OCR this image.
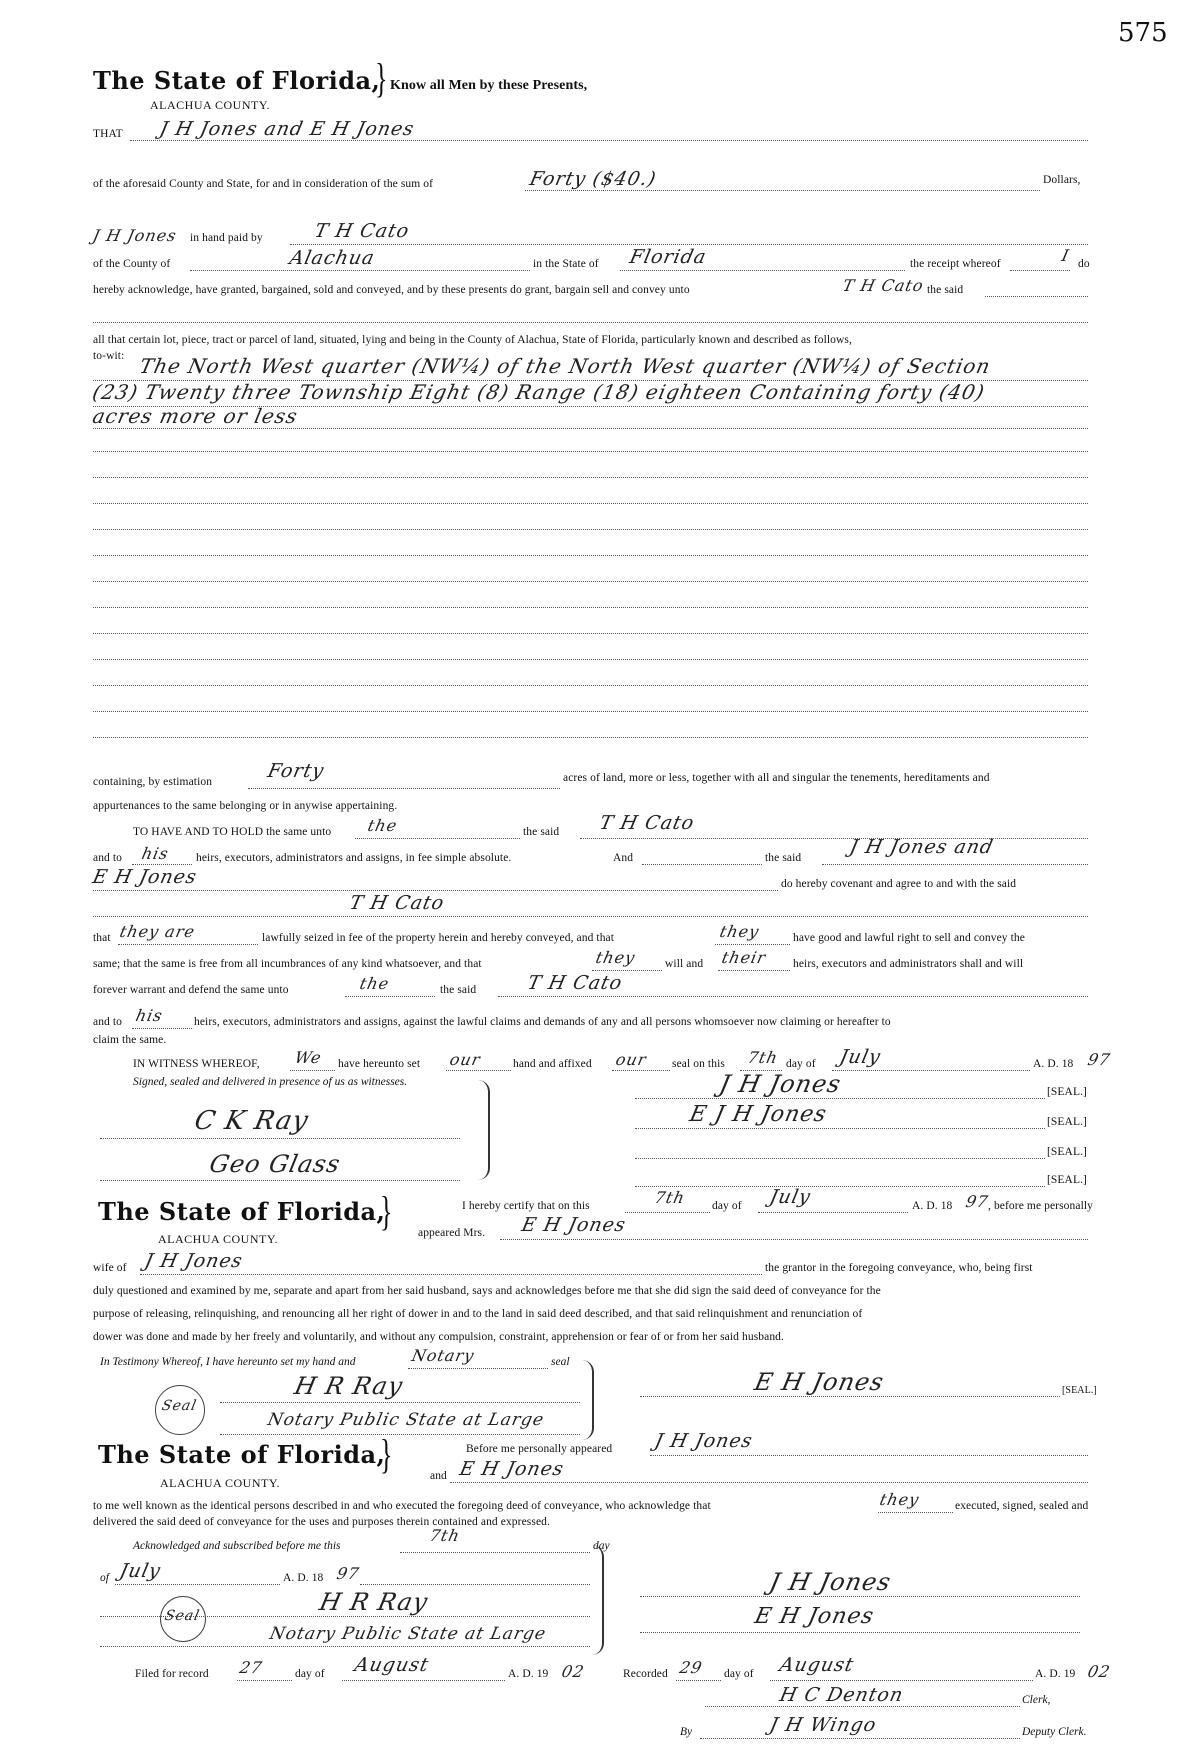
575
The State of Florida,
} Know all Men by these Presents,
ALACHUA COUNTY.
THAT J H Jones and E H Jones
of the aforesaid County and State, for and in consideration of the sum of	Forty ($40.)	Dollars,
J H Jones in hand paid by	T H Cato
of the County of	Alachua	in the State of Florida	the receipt whereof	I do
hereby acknowledge, have granted, bargained, sold and conveyed, and by these presents do grant, bargain sell and convey unto	T H Cato the said
all that certain lot, piece, tract or parcel of land, situated, lying and being in the County of Alachua, State of Florida, particularly known and described as follows,
to-wit: The North West quarter (NW¼) of the North West quarter (NW¼) of Section
(23) Twenty three Township Eight (8) Range (18) eighteen Containing forty (40)
acres more or less
containing, by estimation	Forty	acres of land, more or less, together with all and singular the tenements, hereditaments and
appurtenances to the same belonging or in anywise appertaining.
TO HAVE AND TO HOLD the same unto the	the said T H Cato
and to his heirs, executors, administrators and assigns, in fee simple absolute.	And	the said J H Jones and
E H Jones	do hereby covenant and agree to and with the said
T H Cato
that they are	lawfully seized in fee of the property herein and hereby conveyed, and that	they	have good and lawful right to sell and convey the
same; that the same is free from all incumbrances of any kind whatsoever, and that	they will and their heirs, executors and administrators shall and will
forever warrant and defend the same unto	the	the said	T H Cato
and to his	heirs, executors, administrators and assigns, against the lawful claims and demands of any and all persons whomsoever now claiming or hereafter to
claim the same.
IN WITNESS WHEREOF, We have hereunto set our	hand and affixed our seal on this 7th day of July	A. D. 18 97
Signed, sealed and delivered in presence of us as witnesses.
C K Ray
Geo Glass
J H Jones	[SEAL.]
E J H Jones	[SEAL.]
[SEAL.]
[SEAL.]
The State of Florida,
}
ALACHUA COUNTY.
I hereby certify that on this	7th day of July	A. D. 18 97
, before me personally
appeared Mrs. E H Jones
wife of J H Jones	the grantor in the foregoing conveyance, who, being first
duly questioned and examined by me, separate and apart from her said husband, says and acknowledges before me that she did sign the said deed of conveyance for the
purpose of releasing, relinquishing, and renouncing all her right of dower in and to the land in said deed described, and that said relinquishment and renunciation of
dower was done and made by her freely and voluntarily, and without any compulsion, constraint, apprehension or fear of or from her said husband.
In Testimony Whereof, I have hereunto set my hand and	Notary	seal
Seal
H R Ray
Notary Public State at Large
E H Jones	[SEAL.]
The State of Florida,
}
ALACHUA COUNTY.
Before me personally appeared J H Jones
and E H Jones
to me well known as the identical persons described in and who executed the foregoing deed of conveyance, who acknowledge that	they	executed, signed, sealed and
delivered the said deed of conveyance for the uses and purposes therein contained and expressed.
Acknowledged and subscribed before me this
7th
day
of July	A. D. 18 97
Seal	H R Ray
Notary Public State at Large
J H Jones
E H Jones
Filed for record 27	day of August	A. D. 19 02	Recorded 29 day of August	A. D. 19 02
H C Denton	Clerk,
By	J H Wingo	Deputy Clerk.
